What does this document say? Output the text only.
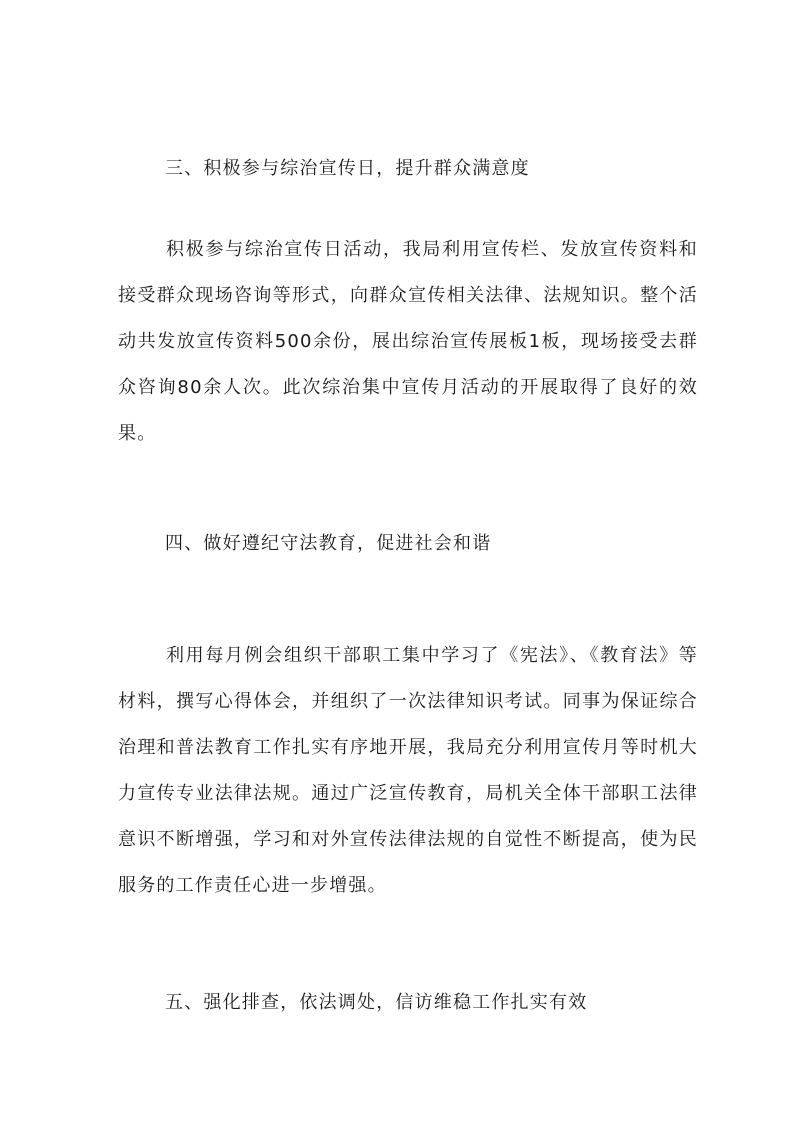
三、积极参与综治宣传日，提升群众满意度

积极参与综治宣传日活动，我局利用宣传栏、发放宣传资料和接受群众现场咨询等形式，向群众宣传相关法律、法规知识。整个活动共发放宣传资料500余份，展出综治宣传展板1板，现场接受去群众咨询80余人次。此次综治集中宣传月活动的开展取得了良好的效果。

四、做好遵纪守法教育，促进社会和谐

利用每月例会组织干部职工集中学习了《宪法》、《教育法》等材料，撰写心得体会，并组织了一次法律知识考试。同事为保证综合治理和普法教育工作扎实有序地开展，我局充分利用宣传月等时机大力宣传专业法律法规。通过广泛宣传教育，局机关全体干部职工法律意识不断增强，学习和对外宣传法律法规的自觉性不断提高，使为民服务的工作责任心进一步增强。

五、强化排查，依法调处，信访维稳工作扎实有效
